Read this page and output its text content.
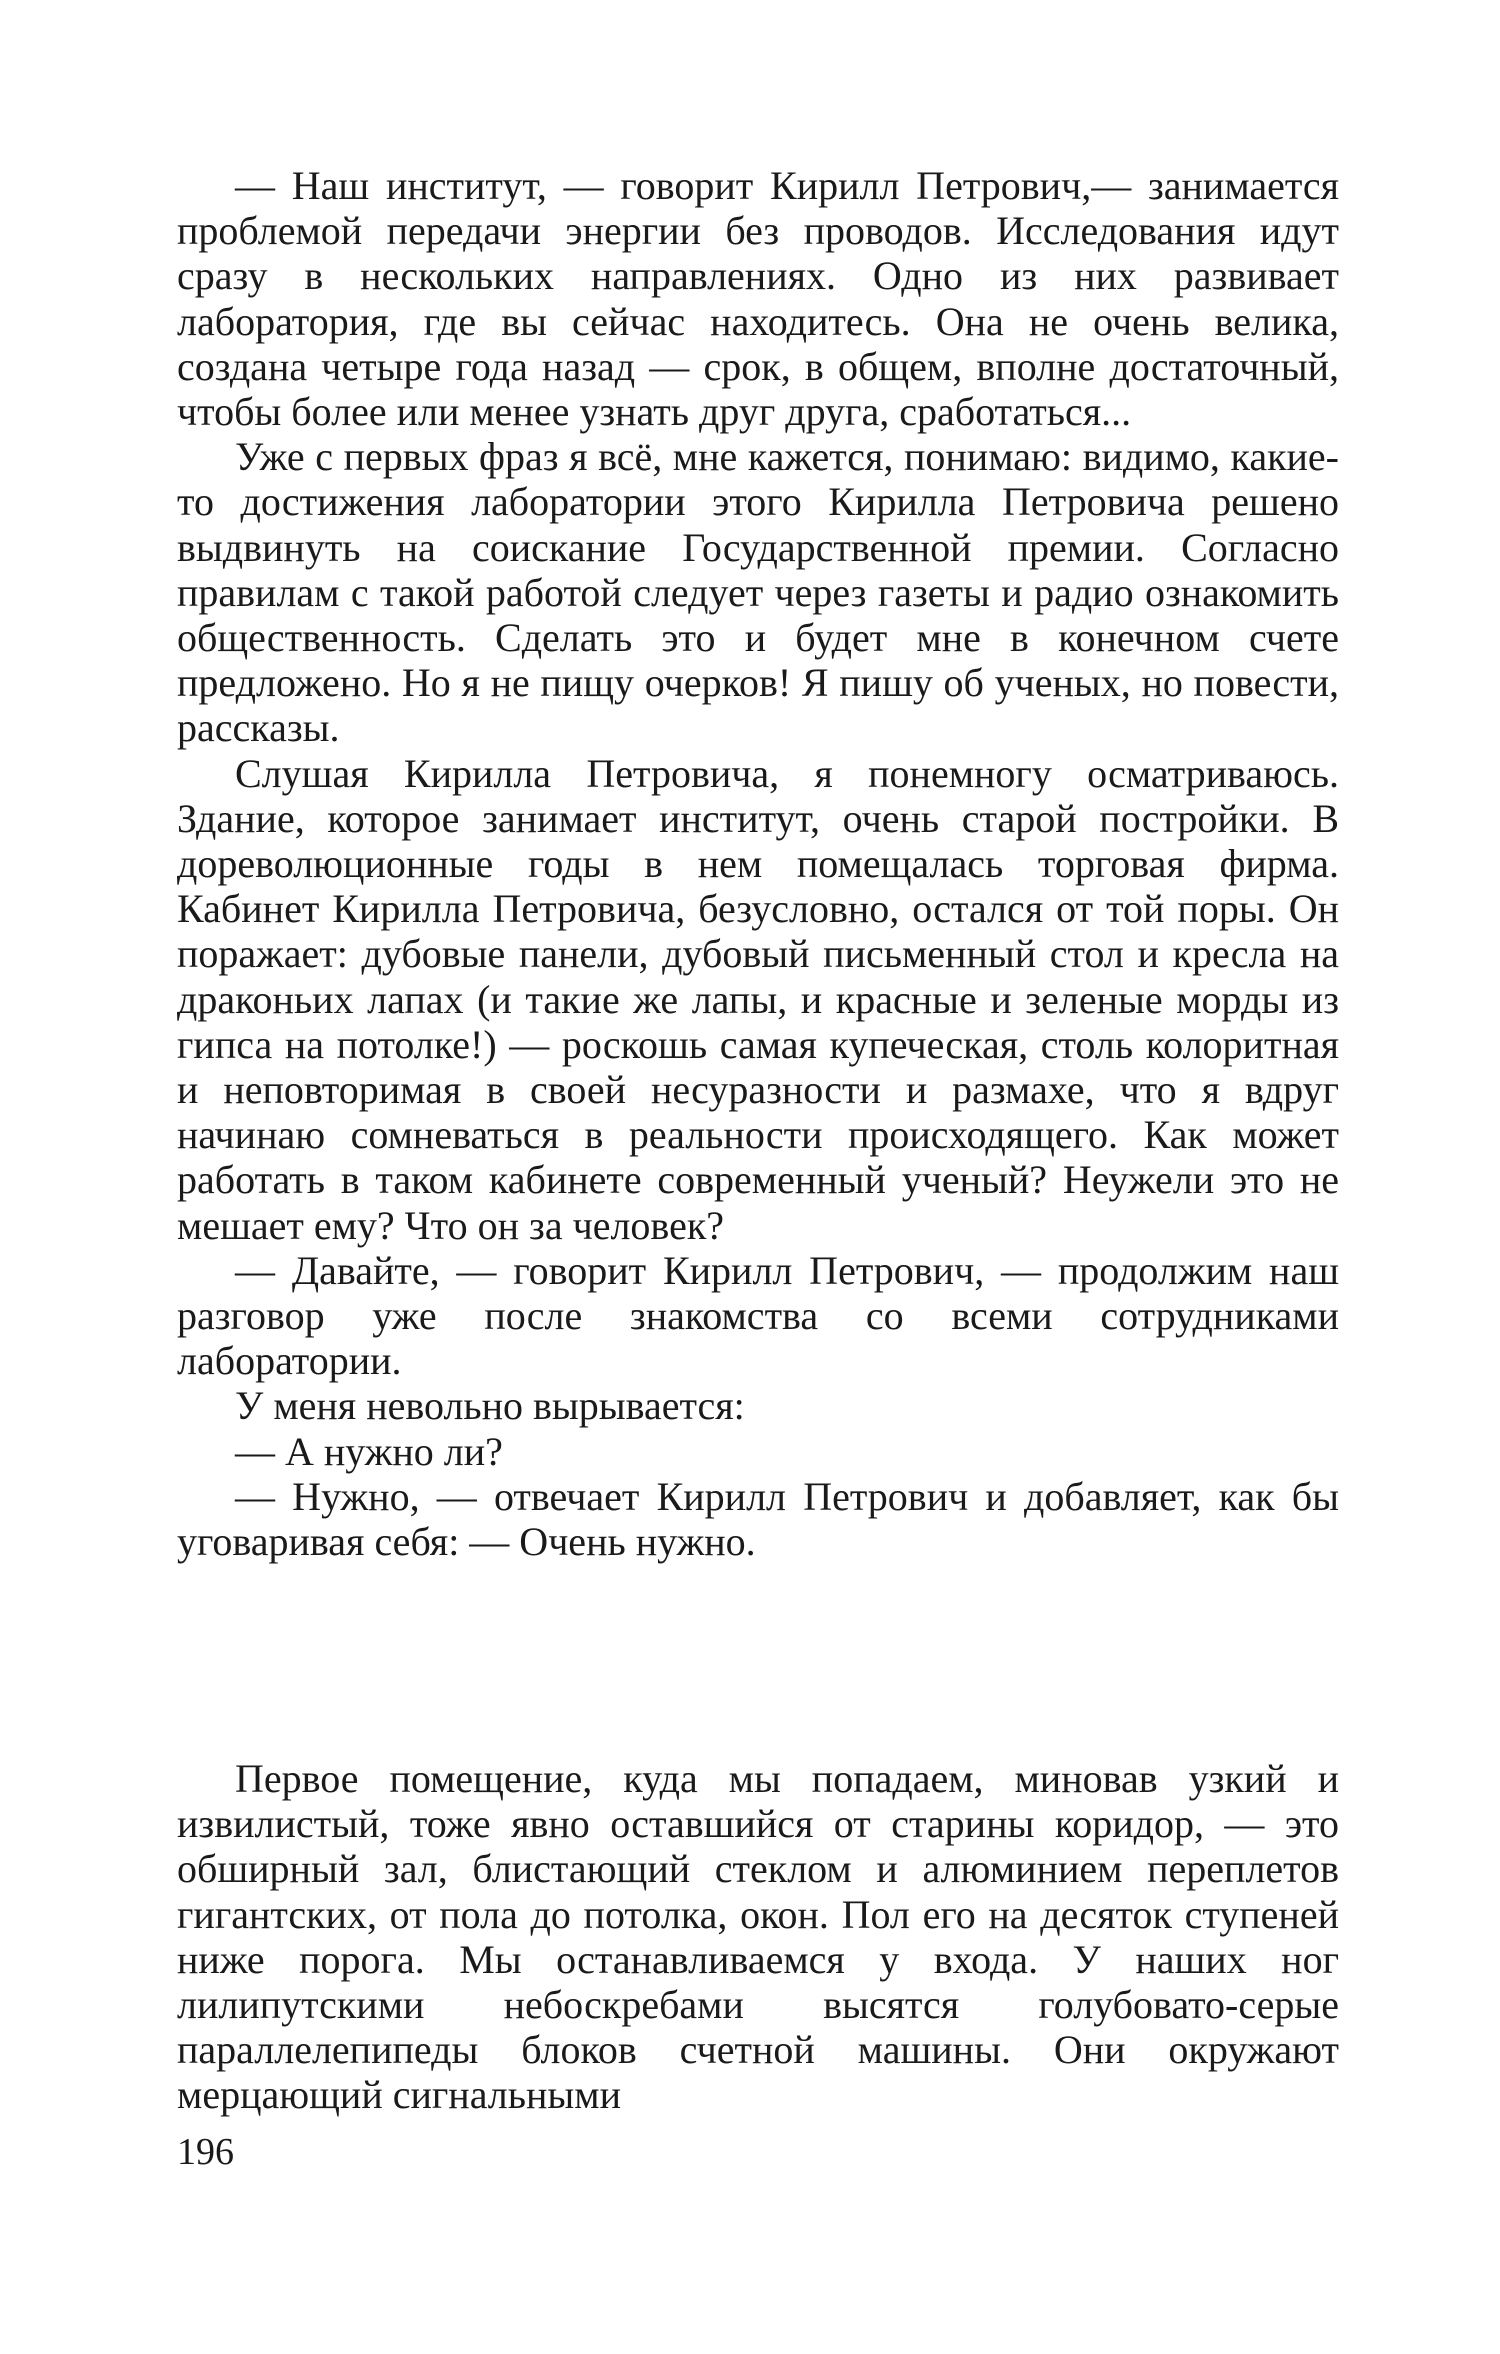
— Наш институт, — говорит Кирилл Петрович,— занимается проблемой передачи энергии без проводов. Исследования идут сразу в нескольких направлениях. Одно из них развивает лаборатория, где вы сейчас находитесь. Она не очень велика, создана четыре года назад — срок, в общем, вполне достаточный, чтобы более или менее узнать друг друга, сработаться...

Уже с первых фраз я всё, мне кажется, понимаю: видимо, какие-то достижения лаборатории этого Кирилла Петровича решено выдвинуть на соискание Государственной премии. Согласно правилам с такой работой следует через газеты и радио ознакомить общественность. Сделать это и будет мне в конечном счете предложено. Но я не пищу очерков! Я пишу об ученых, но повести, рассказы.

Слушая Кирилла Петровича, я понемногу осматриваюсь. Здание, которое занимает институт, очень старой постройки. В дореволюционные годы в нем помещалась торговая фирма. Кабинет Кирилла Петровича, безусловно, остался от той поры. Он поражает: дубовые панели, дубовый письменный стол и кресла на драконьих лапах (и такие же лапы, и красные и зеленые морды из гипса на потолке!) — роскошь самая купеческая, столь колоритная и неповторимая в своей несуразности и размахе, что я вдруг начинаю сомневаться в реальности происходящего. Как может работать в таком кабинете современный ученый? Неужели это не мешает ему? Что он за человек?

— Давайте, — говорит Кирилл Петрович, — продолжим наш разговор уже после знакомства со всеми сотрудниками лаборатории.

У меня невольно вырывается:

— А нужно ли?

— Нужно, — отвечает Кирилл Петрович и добавляет, как бы уговаривая себя: — Очень нужно.

Первое помещение, куда мы попадаем, миновав узкий и извилистый, тоже явно оставшийся от старины коридор, — это обширный зал, блистающий стеклом и алюминием переплетов гигантских, от пола до потолка, окон. Пол его на десяток ступеней ниже порога. Мы останавливаемся у входа. У наших ног лилипутскими небоскребами высятся голубовато-серые параллелепипеды блоков счетной машины. Они окружают мерцающий сигнальными

196
